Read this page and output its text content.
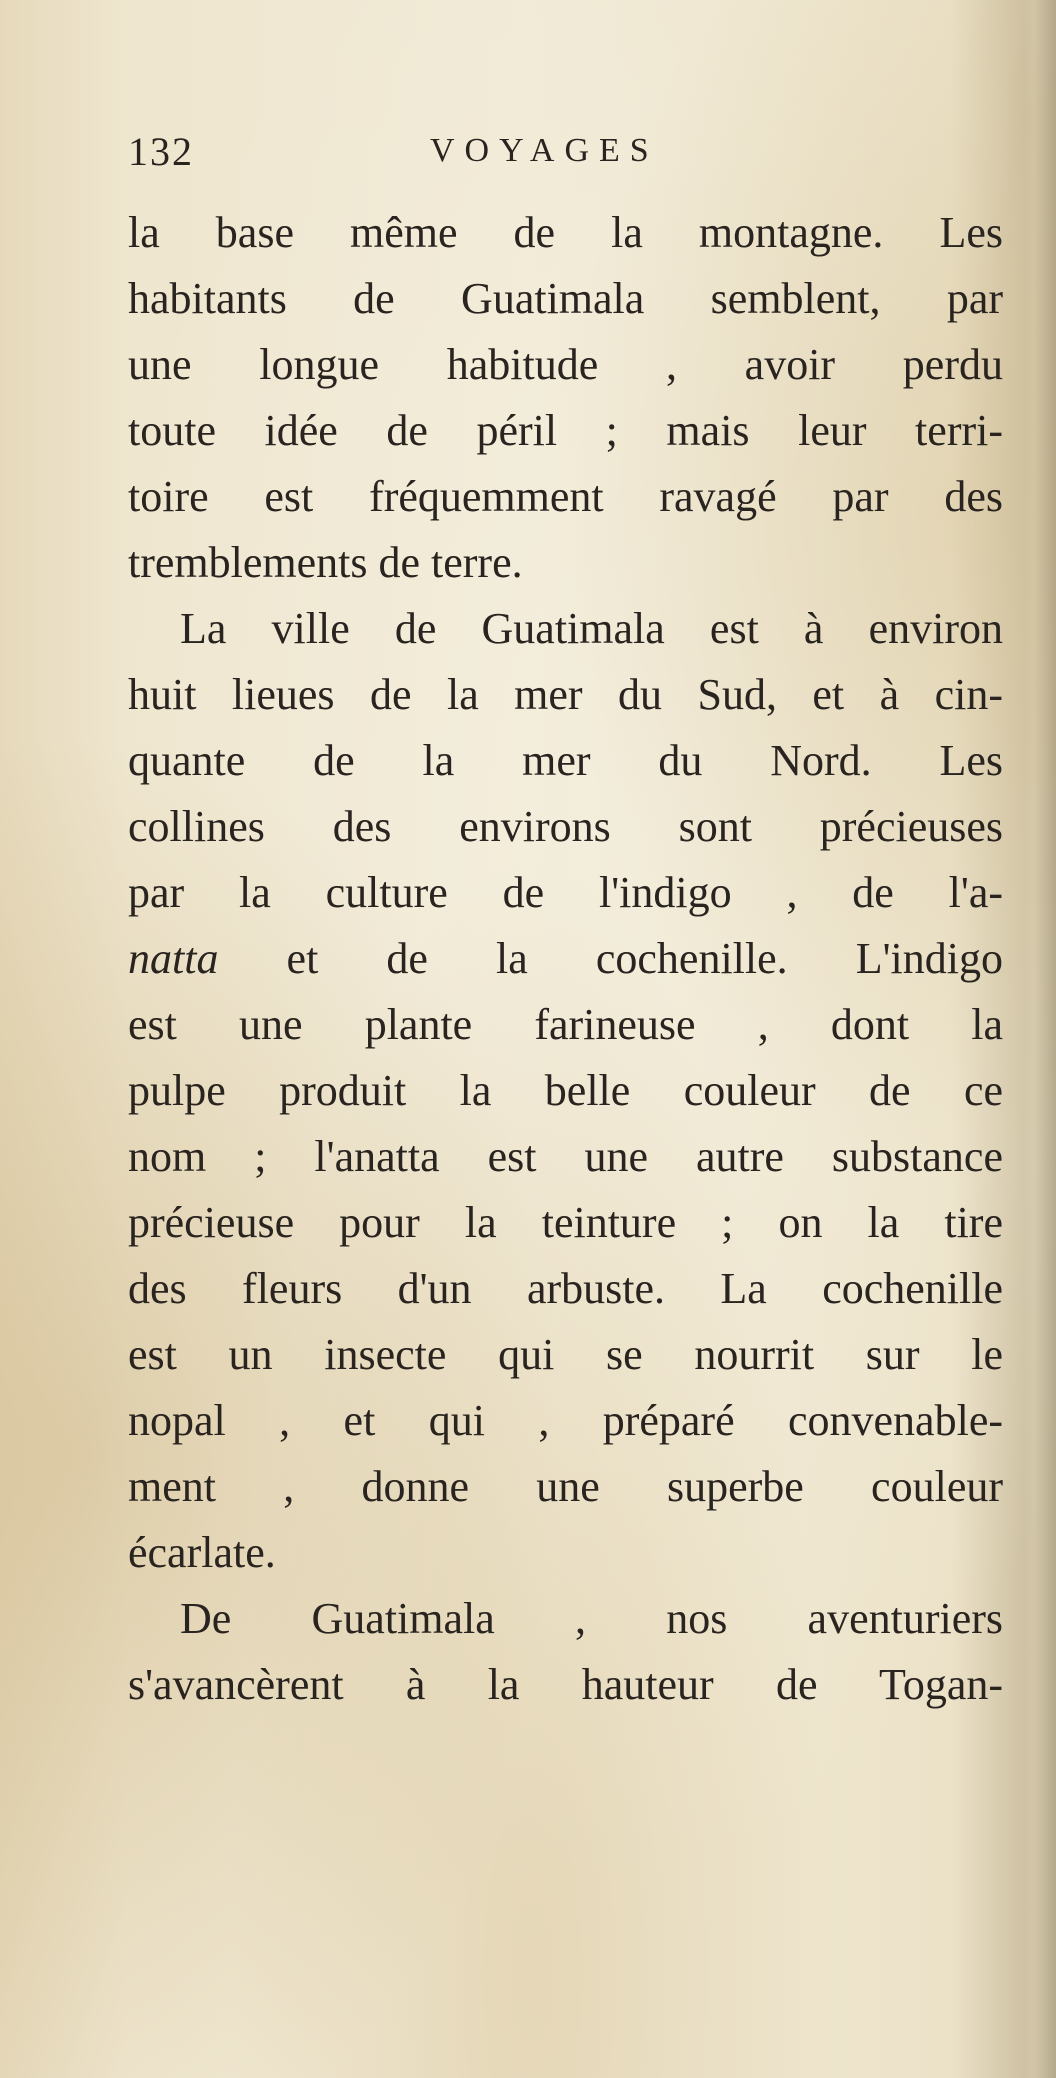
132	VOYAGES
la base même de la montagne. Les
habitants de Guatimala semblent, par
une longue habitude , avoir perdu
toute idée de péril ; mais leur terri-
toire est fréquemment ravagé par des
tremblements de terre.
La ville de Guatimala est à environ
huit lieues de la mer du Sud, et à cin-
quante de la mer du Nord. Les
collines des environs sont précieuses
par la culture de l'indigo , de l'a-
natta et de la cochenille. L'indigo
est une plante farineuse , dont la
pulpe produit la belle couleur de ce
nom ; l'anatta est une autre substance
précieuse pour la teinture ; on la tire
des fleurs d'un arbuste. La cochenille
est un insecte qui se nourrit sur le
nopal , et qui , préparé convenable-
ment , donne une superbe couleur
écarlate.
De Guatimala , nos aventuriers
s'avancèrent à la hauteur de Togan-
